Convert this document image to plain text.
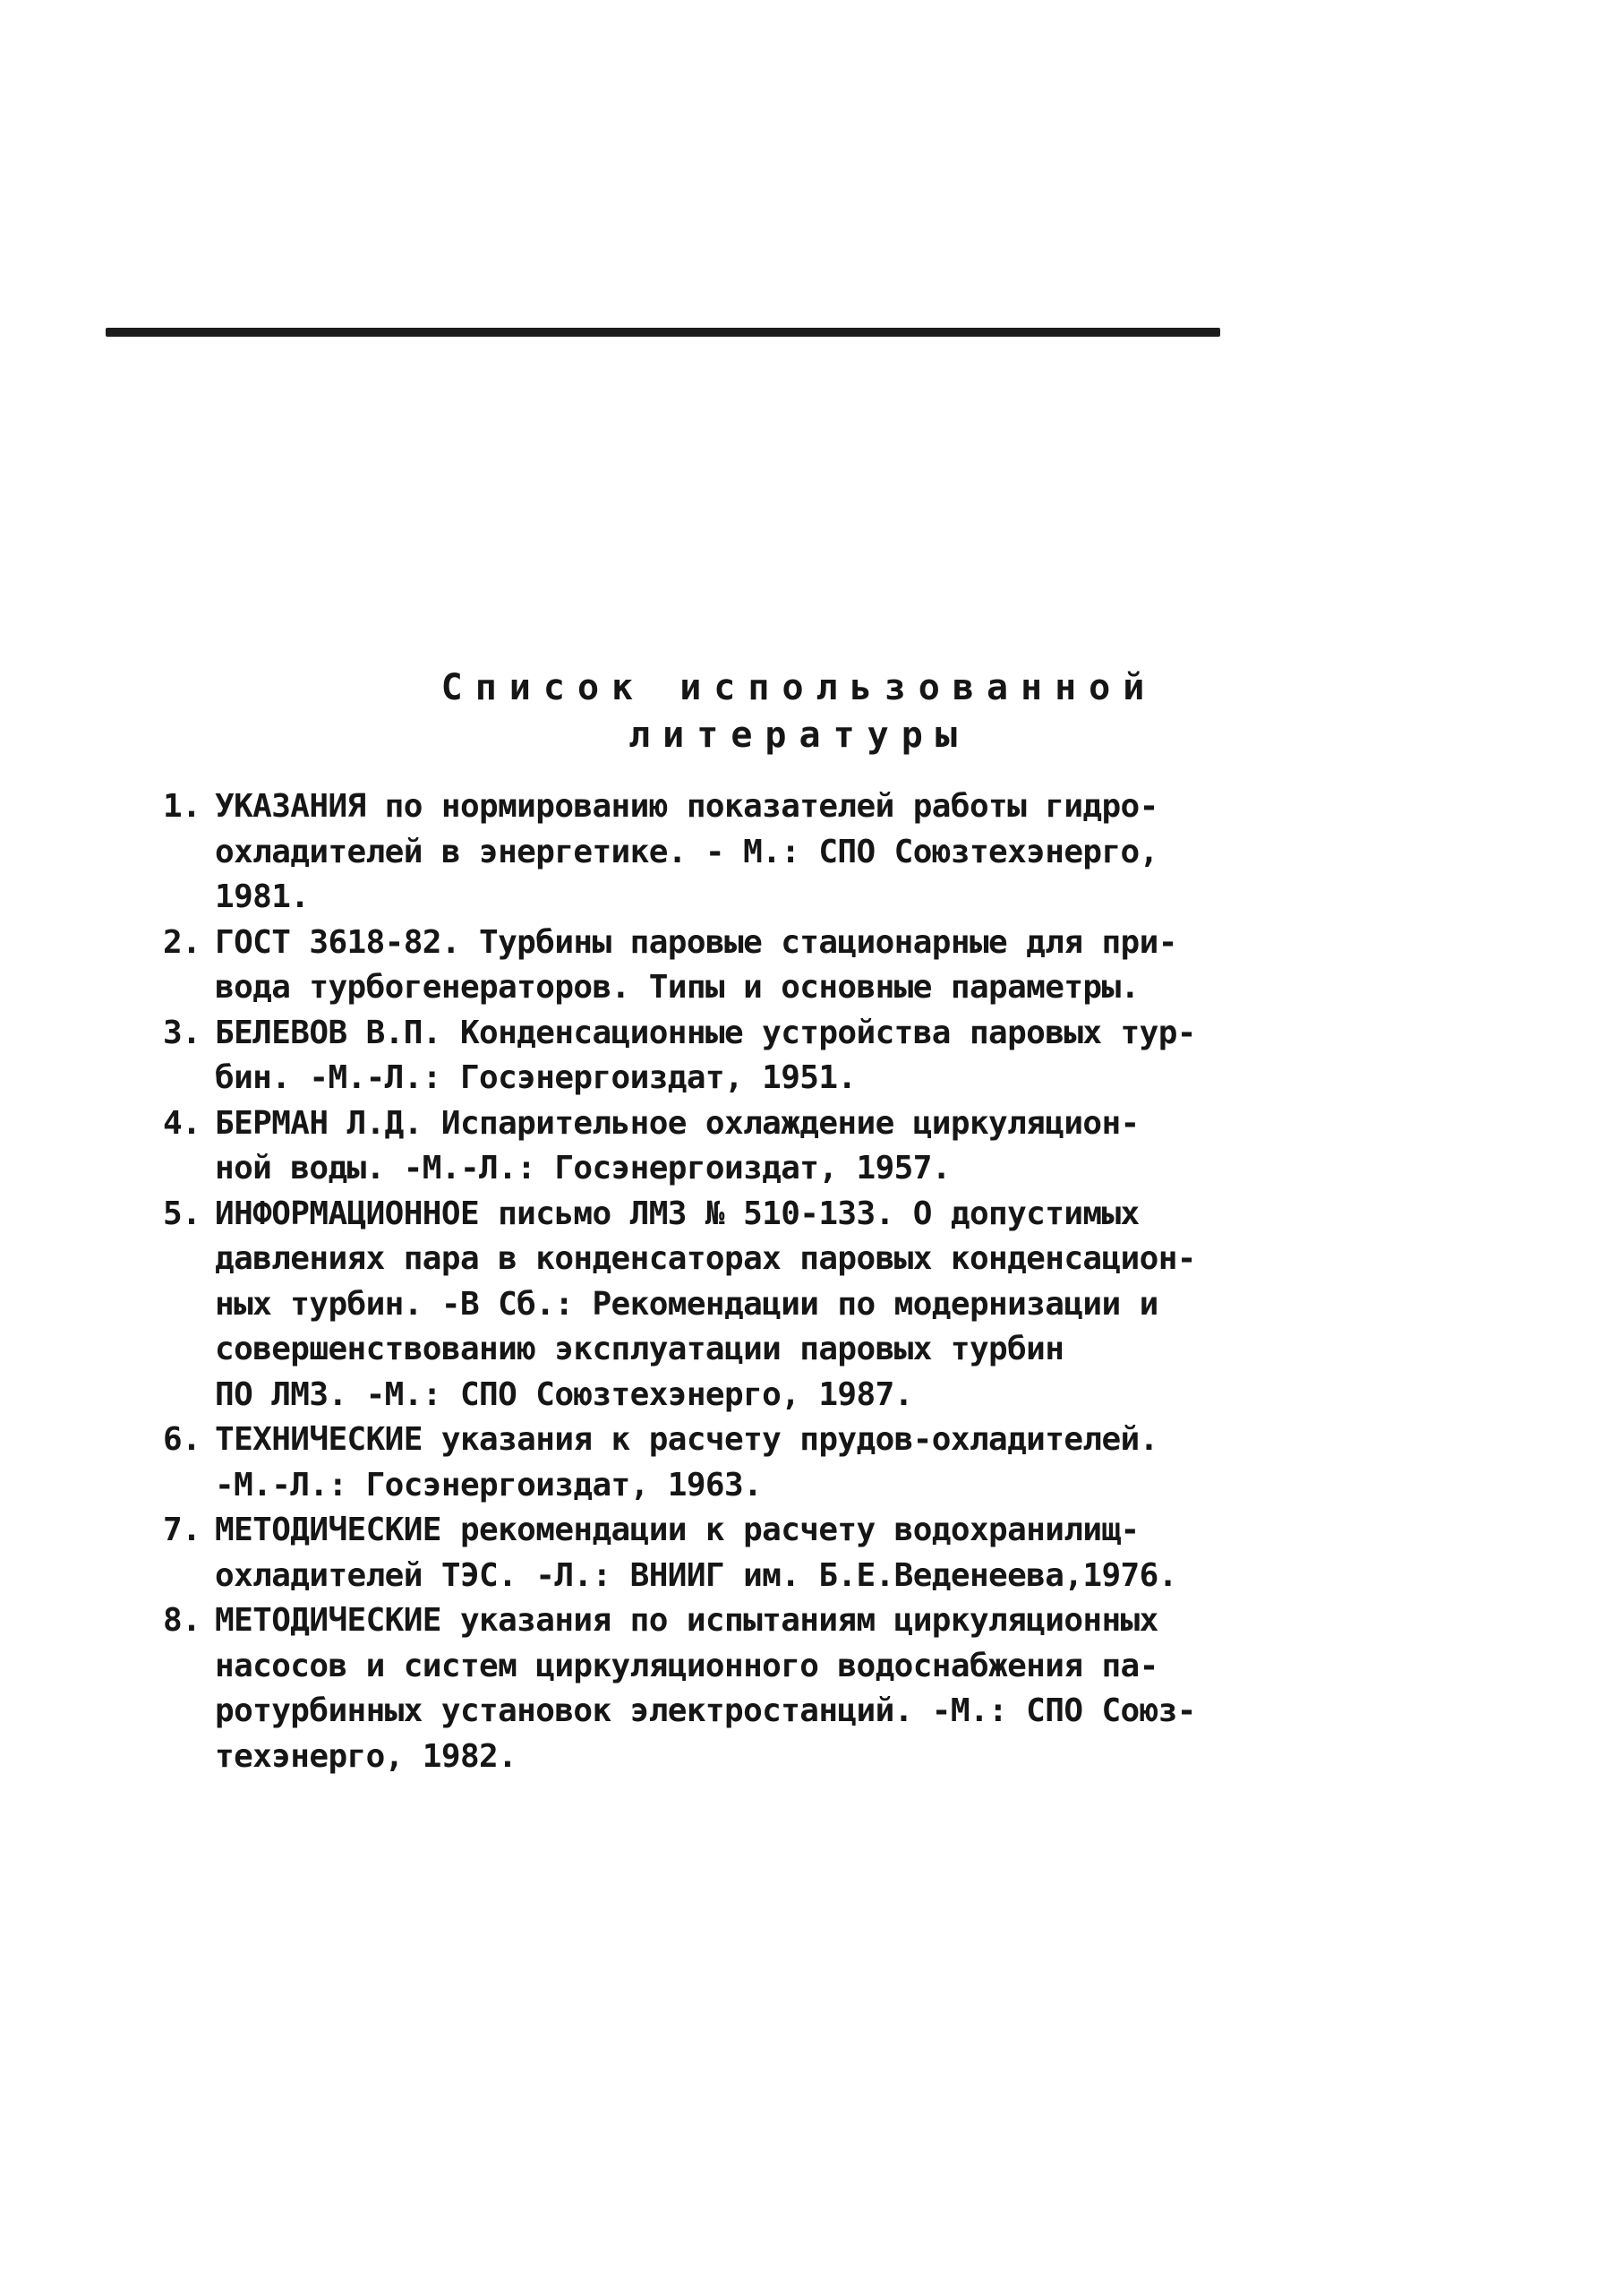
Список использованной
литературы
1. УКАЗАНИЯ по нормированию показателей работы гидро-
охладителей в энергетике. - М.: СПО Союзтехэнерго,
1981.
2. ГОСТ 3618-82. Турбины паровые стационарные для при-
вода турбогенераторов. Типы и основные параметры.
3. БЕЛЕВОВ В.П. Конденсационные устройства паровых тур-
бин. -М.-Л.: Госэнергоиздат, 1951.
4. БЕРМАН Л.Д. Испарительное охлаждение циркуляцион-
ной воды. -М.-Л.: Госэнергоиздат, 1957.
5. ИНФОРМАЦИОННОЕ письмо ЛМЗ № 510-133. О допустимых
давлениях пара в конденсаторах паровых конденсацион-
ных турбин. -В Сб.: Рекомендации по модернизации и
совершенствованию эксплуатации паровых турбин
ПО ЛМЗ. -М.: СПО Союзтехэнерго, 1987.
6. ТЕХНИЧЕСКИЕ указания к расчету прудов-охладителей.
-М.-Л.: Госэнергоиздат, 1963.
7. МЕТОДИЧЕСКИЕ рекомендации к расчету водохранилищ-
охладителей ТЭС. -Л.: ВНИИГ им. Б.Е.Веденеева,1976.
8. МЕТОДИЧЕСКИЕ указания по испытаниям циркуляционных
насосов и систем циркуляционного водоснабжения па-
ротурбинных установок электростанций. -М.: СПО Союз-
техэнерго, 1982.
